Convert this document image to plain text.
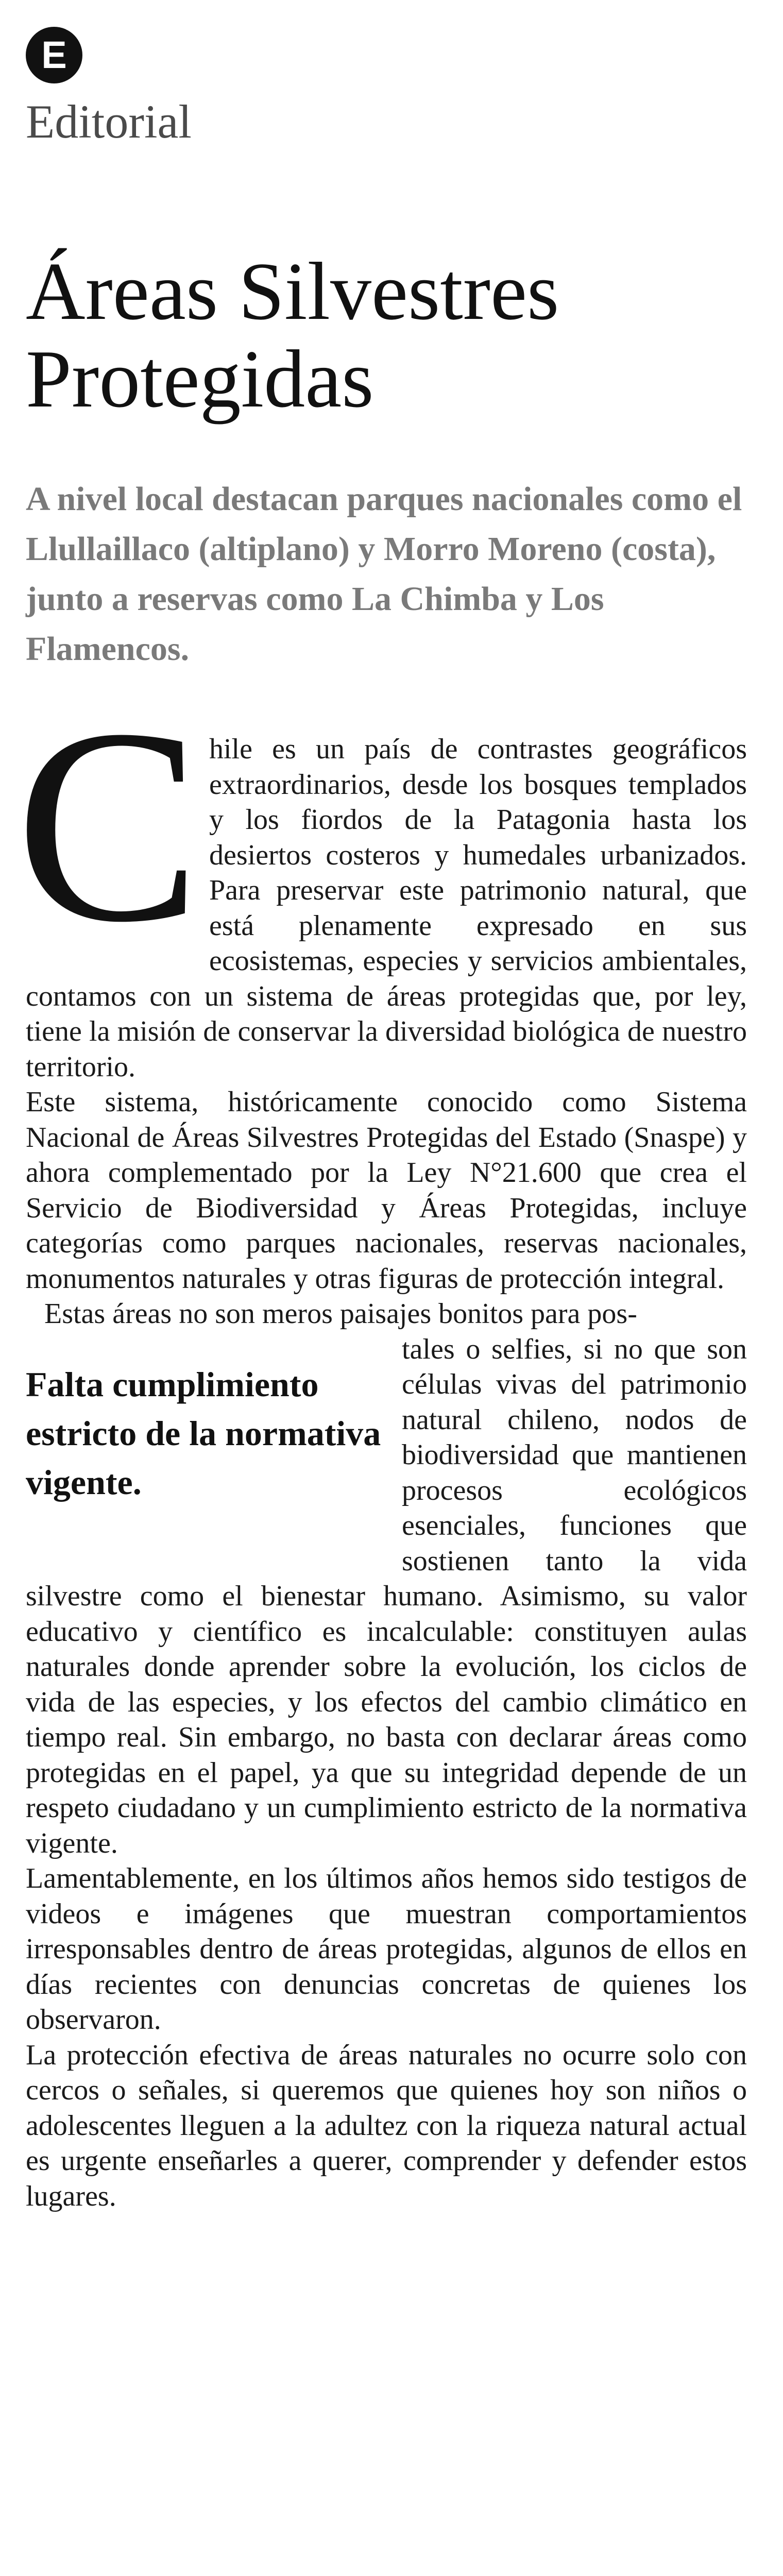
E
Editorial
Áreas Silvestres Protegidas

A nivel local destacan parques nacionales como el Llullaillaco (altiplano) y Morro Moreno (costa), junto a reservas como La Chimba y Los Flamencos.

Chile es un país de contrastes geográficos extraordinarios, desde los bosques templados y los fiordos de la Patagonia hasta los desiertos costeros y humedales urbanizados. Para preservar este patrimonio natural, que está plenamente expresado en sus ecosistemas, especies y servicios ambientales, contamos con un sistema de áreas protegidas que, por ley, tiene la misión de conservar la diversidad biológica de nuestro territorio.

Este sistema, históricamente conocido como Sistema Nacional de Áreas Silvestres Protegidas del Estado (Snaspe) y ahora complementado por la Ley N°21.600 que crea el Servicio de Biodiversidad y Áreas Protegidas, incluye categorías como parques nacionales, reservas nacionales, monumentos naturales y otras figuras de protección integral.

Estas áreas no son meros paisajes bonitos para pos-

Falta cumplimiento estricto de la normativa vigente.

tales o selfies, si no que son células vivas del patrimonio natural chileno, nodos de biodiversidad que mantienen procesos ecológicos esenciales, funciones que sostienen tanto la vida silvestre como el bienestar humano. Asimismo, su valor educativo y científico es incalculable: constituyen aulas naturales donde aprender sobre la evolución, los ciclos de vida de las especies, y los efectos del cambio climático en tiempo real. Sin embargo, no basta con declarar áreas como protegidas en el papel, ya que su integridad depende de un respeto ciudadano y un cumplimiento estricto de la normativa vigente.

Lamentablemente, en los últimos años hemos sido testigos de videos e imágenes que muestran comportamientos irresponsables dentro de áreas protegidas, algunos de ellos en días recientes con denuncias concretas de quienes los observaron.

La protección efectiva de áreas naturales no ocurre solo con cercos o señales, si queremos que quienes hoy son niños o adolescentes lleguen a la adultez con la riqueza natural actual es urgente enseñarles a querer, comprender y defender estos lugares.
